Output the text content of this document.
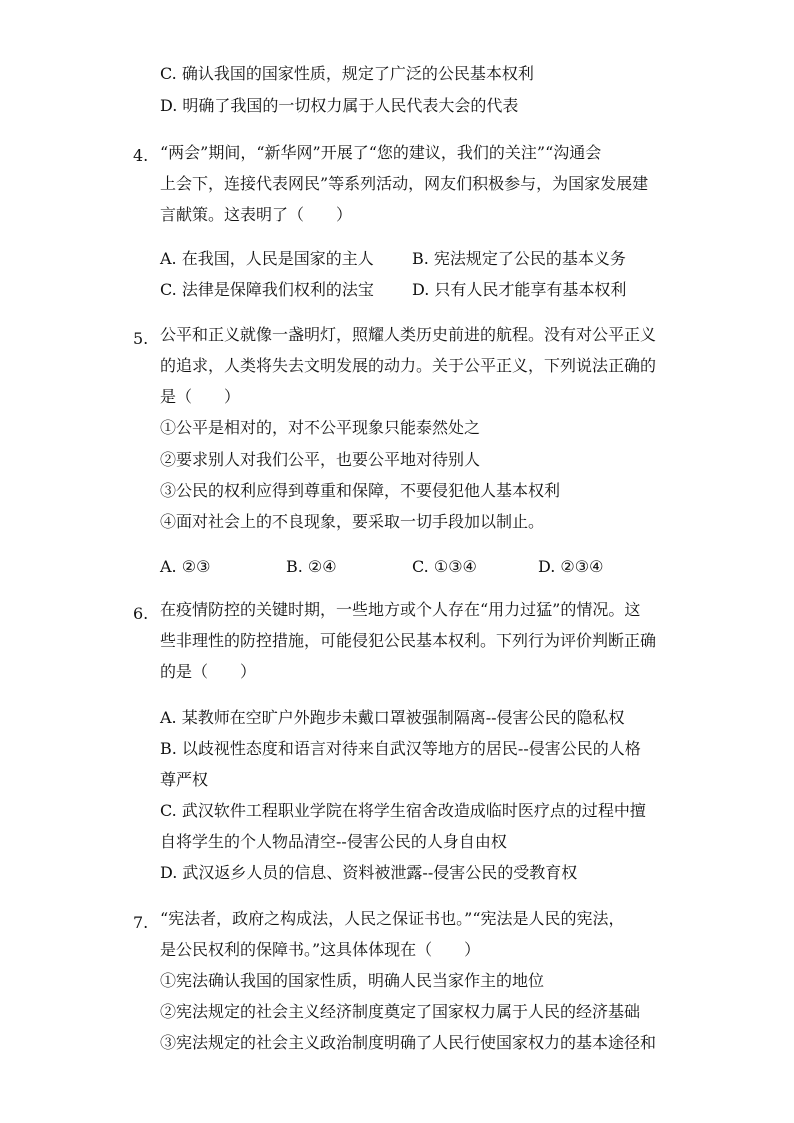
C. 确认我国的国家性质，规定了广泛的公民基本权利
D. 明确了我国的一切权力属于人民代表大会的代表
4. “两会”期间，“新华网”开展了“您的建议，我们的关注”“沟通会
上会下，连接代表网民”等系列活动，网友们积极参与，为国家发展建
言献策。这表明了（　　）
A. 在我国，人民是国家的主人 B. 宪法规定了公民的基本义务
C. 法律是保障我们权利的法宝 D. 只有人民才能享有基本权利
5. 公平和正义就像一盏明灯，照耀人类历史前进的航程。没有对公平正义
的追求，人类将失去文明发展的动力。关于公平正义，下列说法正确的
是（　　）
①公平是相对的，对不公平现象只能泰然处之
②要求别人对我们公平，也要公平地对待别人
③公民的权利应得到尊重和保障，不要侵犯他人基本权利
④面对社会上的不良现象，要采取一切手段加以制止。
A. ②③	B. ②④	C. ①③④	D. ②③④
6. 在疫情防控的关键时期，一些地方或个人存在“用力过猛”的情况。这
些非理性的防控措施，可能侵犯公民基本权利。下列行为评价判断正确
的是（　　）
A. 某教师在空旷户外跑步未戴口罩被强制隔离--侵害公民的隐私权
B. 以歧视性态度和语言对待来自武汉等地方的居民--侵害公民的人格
尊严权
C. 武汉软件工程职业学院在将学生宿舍改造成临时医疗点的过程中擅
自将学生的个人物品清空--侵害公民的人身自由权
D. 武汉返乡人员的信息、资料被泄露--侵害公民的受教育权
7. “宪法者，政府之构成法，人民之保证书也。”“宪法是人民的宪法，
是公民权利的保障书。”这具体体现在（　　）
①宪法确认我国的国家性质，明确人民当家作主的地位
②宪法规定的社会主义经济制度奠定了国家权力属于人民的经济基础
③宪法规定的社会主义政治制度明确了人民行使国家权力的基本途径和
